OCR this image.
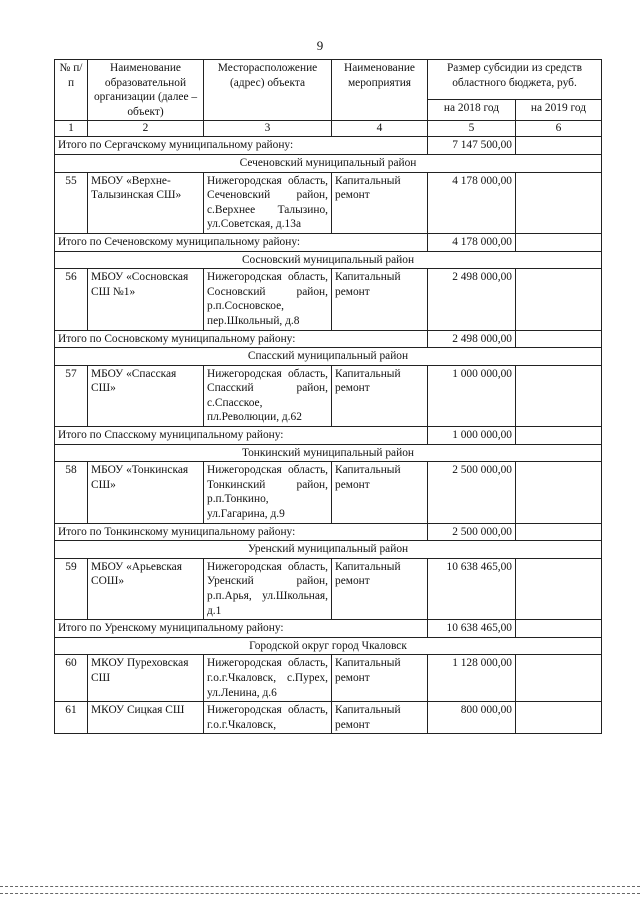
9
№ п/п	Наименование образовательной организации (далее – объект)	Месторасположение (адрес) объекта	Наименование мероприятия	Размер субсидии из средств областного бюджета, руб.	
				на 2018 год	на 2019 год
1	2	3	4	5	6
Итого по Сергачскому муниципальному району:				7 147 500,00	
Сеченовский муниципальный район					
55	МБОУ «Верхне-Талызинская СШ»	Нижегородская область, Сеченовский район, с.Верхнее Талызино, ул.Советская, д.13а	Капитальный ремонт	4 178 000,00	
Итого по Сеченовскому муниципальному району:				4 178 000,00	
Сосновский муниципальный район					
56	МБОУ «Сосновская СШ №1»	Нижегородская область, Сосновский район, р.п.Сосновское, пер.Школьный, д.8	Капитальный ремонт	2 498 000,00	
Итого по Сосновскому муниципальному району:				2 498 000,00	
Спасский муниципальный район					
57	МБОУ «Спасская СШ»	Нижегородская область, Спасский район, с.Спасское, пл.Революции, д.62	Капитальный ремонт	1 000 000,00	
Итого по Спасскому муниципальному району:				1 000 000,00	
Тонкинский муниципальный район					
58	МБОУ «Тонкинская СШ»	Нижегородская область, Тонкинский район, р.п.Тонкино, ул.Гагарина, д.9	Капитальный ремонт	2 500 000,00	
Итого по Тонкинскому муниципальному району:				2 500 000,00	
Уренский муниципальный район					
59	МБОУ «Арьевская СОШ»	Нижегородская область, Уренский район, р.п.Арья, ул.Школьная, д.1	Капитальный ремонт	10 638 465,00	
Итого по Уренскому муниципальному району:				10 638 465,00	
Городской округ город Чкаловск					
60	МКОУ Пуреховская СШ	Нижегородская область, г.о.г.Чкаловск, с.Пурех, ул.Ленина, д.6	Капитальный ремонт	1 128 000,00	
61	МКОУ Сицкая СШ	Нижегородская область, г.о.г.Чкаловск,	Капитальный ремонт	800 000,00	
